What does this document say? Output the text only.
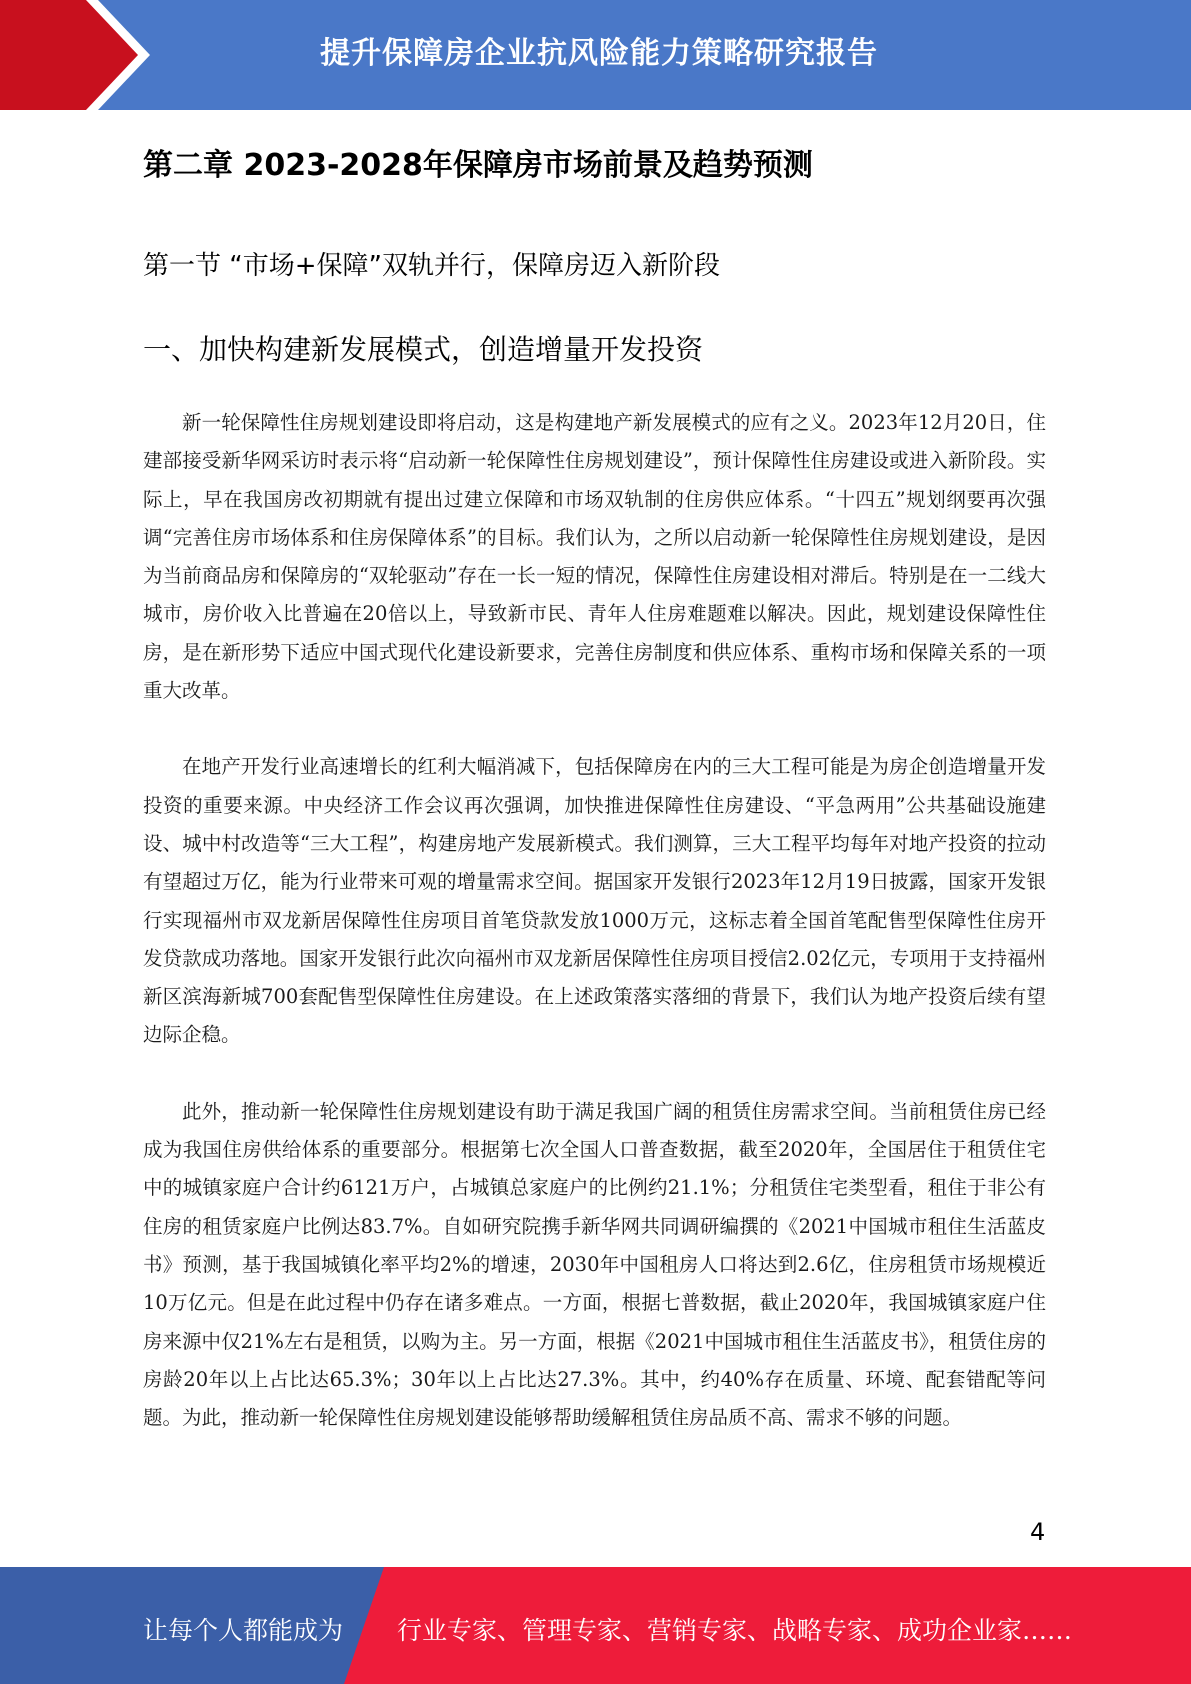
提升保障房企业抗风险能力策略研究报告
第二章 2023-2028年保障房市场前景及趋势预测
第一节 “市场+保障”双轨并行，保障房迈入新阶段
一、加快构建新发展模式，创造增量开发投资

新一轮保障性住房规划建设即将启动，这是构建地产新发展模式的应有之义。2023年12月20日，住建部接受新华网采访时表示将“启动新一轮保障性住房规划建设”，预计保障性住房建设或进入新阶段。实际上，早在我国房改初期就有提出过建立保障和市场双轨制的住房供应体系。“十四五”规划纲要再次强调“完善住房市场体系和住房保障体系”的目标。我们认为，之所以启动新一轮保障性住房规划建设，是因为当前商品房和保障房的“双轮驱动”存在一长一短的情况，保障性住房建设相对滞后。特别是在一二线大城市，房价收入比普遍在20倍以上，导致新市民、青年人住房难题难以解决。因此，规划建设保障性住房，是在新形势下适应中国式现代化建设新要求，完善住房制度和供应体系、重构市场和保障关系的一项重大改革。

在地产开发行业高速增长的红利大幅消减下，包括保障房在内的三大工程可能是为房企创造增量开发投资的重要来源。中央经济工作会议再次强调，加快推进保障性住房建设、“平急两用”公共基础设施建设、城中村改造等“三大工程”，构建房地产发展新模式。我们测算，三大工程平均每年对地产投资的拉动有望超过万亿，能为行业带来可观的增量需求空间。据国家开发银行2023年12月19日披露，国家开发银行实现福州市双龙新居保障性住房项目首笔贷款发放1000万元，这标志着全国首笔配售型保障性住房开发贷款成功落地。国家开发银行此次向福州市双龙新居保障性住房项目授信2.02亿元，专项用于支持福州新区滨海新城700套配售型保障性住房建设。在上述政策落实落细的背景下，我们认为地产投资后续有望边际企稳。

此外，推动新一轮保障性住房规划建设有助于满足我国广阔的租赁住房需求空间。当前租赁住房已经成为我国住房供给体系的重要部分。根据第七次全国人口普查数据，截至2020年，全国居住于租赁住宅中的城镇家庭户合计约6121万户，占城镇总家庭户的比例约21.1%；分租赁住宅类型看，租住于非公有住房的租赁家庭户比例达83.7%。自如研究院携手新华网共同调研编撰的《2021中国城市租住生活蓝皮书》预测，基于我国城镇化率平均2%的增速，2030年中国租房人口将达到2.6亿，住房租赁市场规模近10万亿元。但是在此过程中仍存在诸多难点。一方面，根据七普数据，截止2020年，我国城镇家庭户住房来源中仅21%左右是租赁，以购为主。另一方面，根据《2021中国城市租住生活蓝皮书》，租赁住房的房龄20年以上占比达65.3%；30年以上占比达27.3%。其中，约40%存在质量、环境、配套错配等问题。为此，推动新一轮保障性住房规划建设能够帮助缓解租赁住房品质不高、需求不够的问题。

4
让每个人都能成为 行业专家、管理专家、营销专家、战略专家、成功企业家……
